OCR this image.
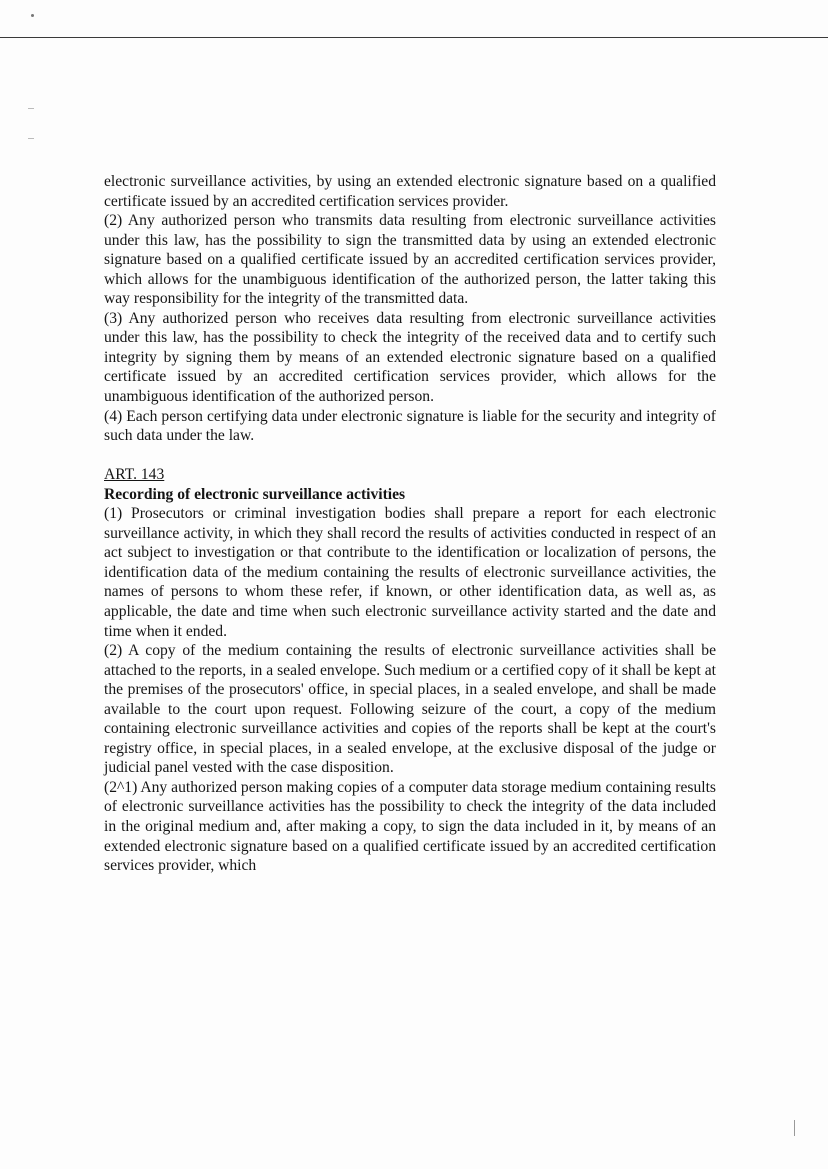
electronic surveillance activities, by using an extended electronic signature based on a qualified certificate issued by an accredited certification services provider.

(2) Any authorized person who transmits data resulting from electronic surveillance activities under this law, has the possibility to sign the transmitted data by using an extended electronic signature based on a qualified certificate issued by an accredited certification services provider, which allows for the unambiguous identification of the authorized person, the latter taking this way responsibility for the integrity of the transmitted data.

(3) Any authorized person who receives data resulting from electronic surveillance activities under this law, has the possibility to check the integrity of the received data and to certify such integrity by signing them by means of an extended electronic signature based on a qualified certificate issued by an accredited certification services provider, which allows for the unambiguous identification of the authorized person.

(4) Each person certifying data under electronic signature is liable for the security and integrity of such data under the law.

ART. 143

Recording of electronic surveillance activities

(1) Prosecutors or criminal investigation bodies shall prepare a report for each electronic surveillance activity, in which they shall record the results of activities conducted in respect of an act subject to investigation or that contribute to the identification or localization of persons, the identification data of the medium containing the results of electronic surveillance activities, the names of persons to whom these refer, if known, or other identification data, as well as, as applicable, the date and time when such electronic surveillance activity started and the date and time when it ended.

(2) A copy of the medium containing the results of electronic surveillance activities shall be attached to the reports, in a sealed envelope. Such medium or a certified copy of it shall be kept at the premises of the prosecutors' office, in special places, in a sealed envelope, and shall be made available to the court upon request. Following seizure of the court, a copy of the medium containing electronic surveillance activities and copies of the reports shall be kept at the court's registry office, in special places, in a sealed envelope, at the exclusive disposal of the judge or judicial panel vested with the case disposition.

(2^1) Any authorized person making copies of a computer data storage medium containing results of electronic surveillance activities has the possibility to check the integrity of the data included in the original medium and, after making a copy, to sign the data included in it, by means of an extended electronic signature based on a qualified certificate issued by an accredited certification services provider, which
